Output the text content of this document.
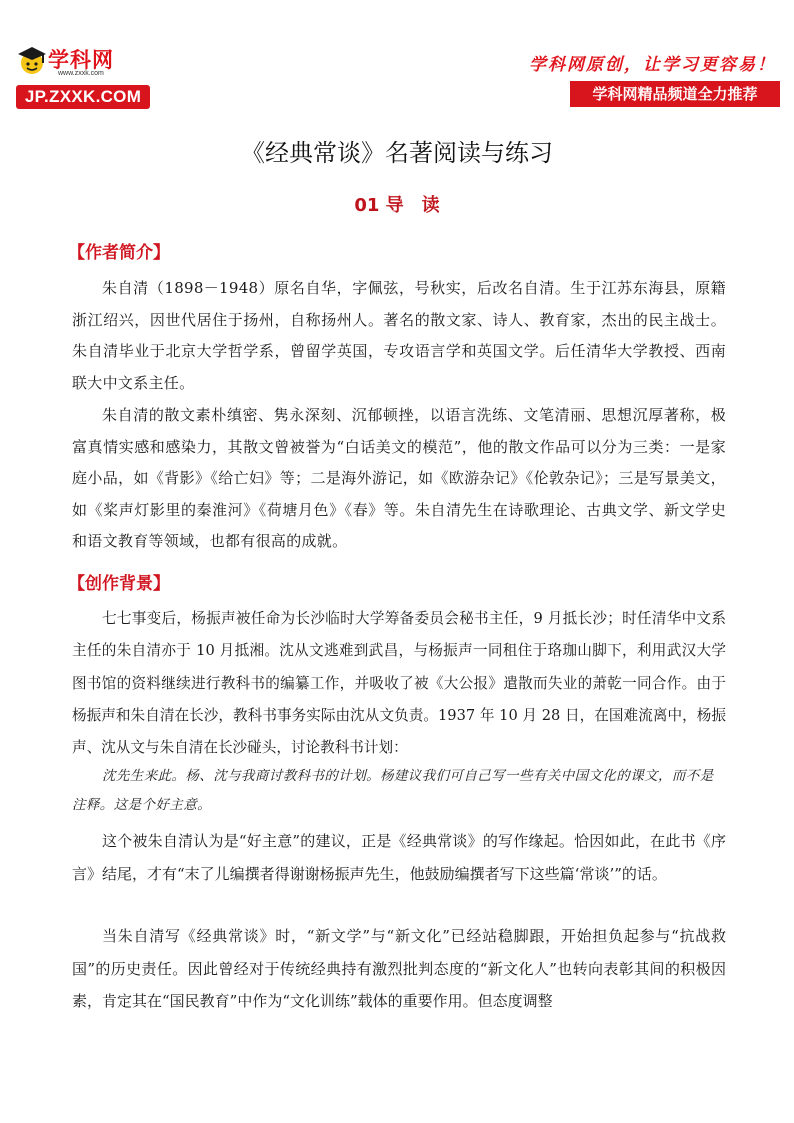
学科网
www.zxxk.com
JP.ZXXK.COM
学科网原创，让学习更容易！
学科网精品频道全力推荐
《经典常谈》名著阅读与练习
01 导　读
【作者简介】

朱自清（1898－1948）原名自华，字佩弦，号秋实，后改名自清。生于江苏东海县，原籍浙江绍兴，因世代居住于扬州，自称扬州人。著名的散文家、诗人、教育家，杰出的民主战士。朱自清毕业于北京大学哲学系，曾留学英国，专攻语言学和英国文学。后任清华大学教授、西南联大中文系主任。

朱自清的散文素朴缜密、隽永深刻、沉郁顿挫，以语言洗练、文笔清丽、思想沉厚著称，极富真情实感和感染力，其散文曾被誉为“白话美文的模范”，他的散文作品可以分为三类：一是家庭小品，如《背影》《给亡妇》等；二是海外游记，如《欧游杂记》《伦敦杂记》；三是写景美文，如《桨声灯影里的秦淮河》《荷塘月色》《春》等。朱自清先生在诗歌理论、古典文学、新文学史和语文教育等领域，也都有很高的成就。

【创作背景】

七七事变后，杨振声被任命为长沙临时大学筹备委员会秘书主任，9 月抵长沙；时任清华中文系主任的朱自清亦于 10 月抵湘。沈从文逃难到武昌，与杨振声一同租住于珞珈山脚下，利用武汉大学图书馆的资料继续进行教科书的编纂工作，并吸收了被《大公报》遣散而失业的萧乾一同合作。由于杨振声和朱自清在长沙，教科书事务实际由沈从文负责。1937 年 10 月 28 日，在国难流离中，杨振声、沈从文与朱自清在长沙碰头，讨论教科书计划：

沈先生来此。杨、沈与我商讨教科书的计划。杨建议我们可自己写一些有关中国文化的课文，而不是注释。这是个好主意。

这个被朱自清认为是“好主意”的建议，正是《经典常谈》的写作缘起。恰因如此，在此书《序言》结尾，才有“末了儿编撰者得谢谢杨振声先生，他鼓励编撰者写下这些篇‘常谈’”的话。

当朱自清写《经典常谈》时，“新文学”与“新文化”已经站稳脚跟，开始担负起参与“抗战救国”的历史责任。因此曾经对于传统经典持有激烈批判态度的“新文化人”也转向表彰其间的积极因素，肯定其在“国民教育”中作为“文化训练”载体的重要作用。但态度调整
